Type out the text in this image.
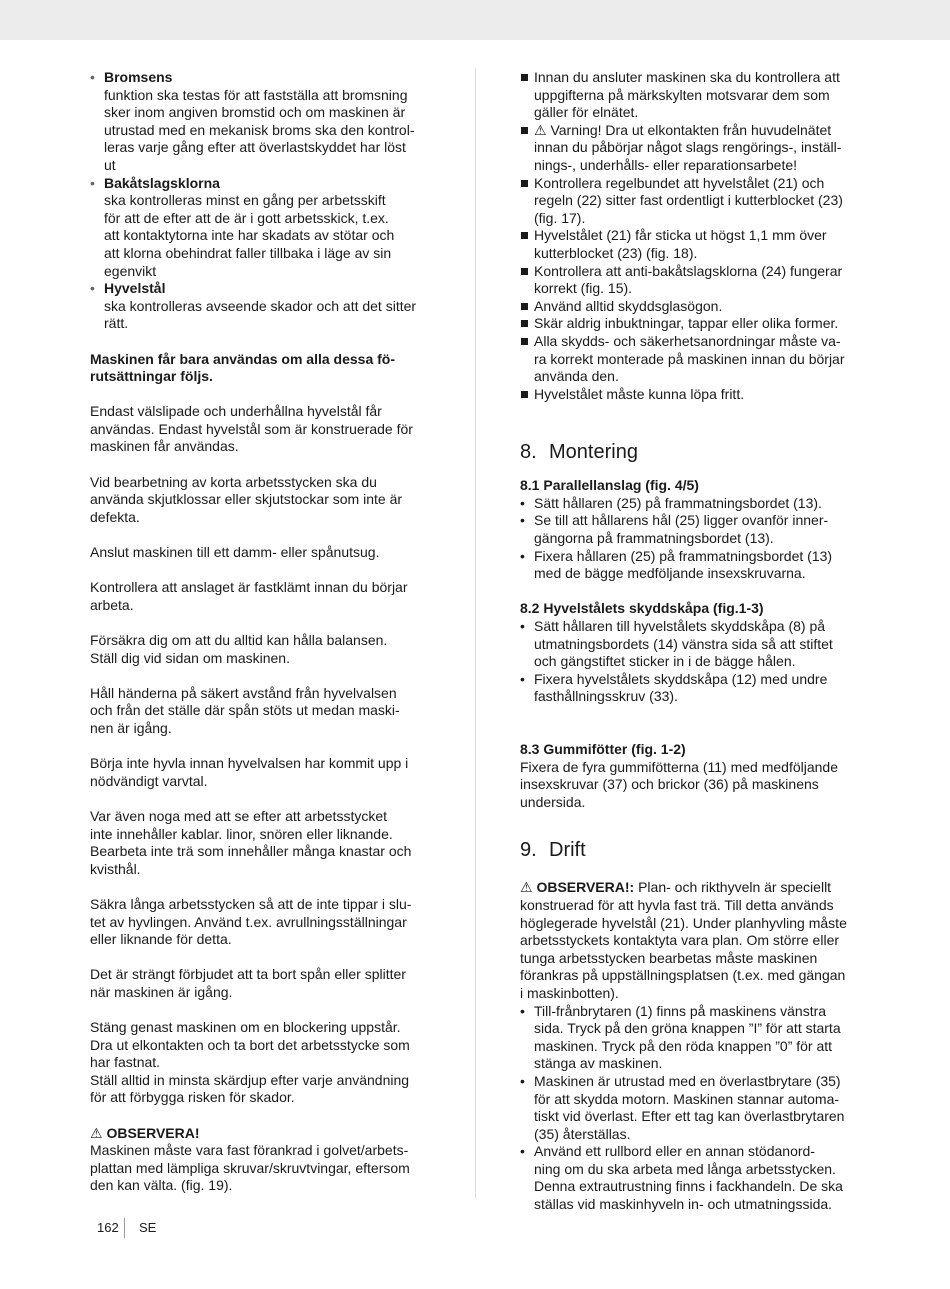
• Bromsens
funktion ska testas för att fastställa att bromsning
sker inom angiven bromstid och om maskinen är
utrustad med en mekanisk broms ska den kontrol-
leras varje gång efter att överlastskyddet har löst
ut
• Bakåtslagsklorna
ska kontrolleras minst en gång per arbetsskift
för att de efter att de är i gott arbetsskick, t.ex.
att kontaktytorna inte har skadats av stötar och
att klorna obehindrat faller tillbaka i läge av sin
egenvikt
• Hyvelstål
ska kontrolleras avseende skador och att det sitter
rätt.
Maskinen får bara användas om alla dessa fö-
rutsättningar följs.
Endast välslipade och underhållna hyvelstål får
användas. Endast hyvelstål som är konstruerade för
maskinen får användas.
Vid bearbetning av korta arbetsstycken ska du
använda skjutklossar eller skjutstockar som inte är
defekta.
Anslut maskinen till ett damm- eller spånutsug.
Kontrollera att anslaget är fastklämt innan du börjar
arbeta.
Försäkra dig om att du alltid kan hålla balansen.
Ställ dig vid sidan om maskinen.
Håll händerna på säkert avstånd från hyvelvalsen
och från det ställe där spån stöts ut medan maski-
nen är igång.
Börja inte hyvla innan hyvelvalsen har kommit upp i
nödvändigt varvtal.
Var även noga med att se efter att arbetsstycket
inte innehåller kablar. linor, snören eller liknande.
Bearbeta inte trä som innehåller många knastar och
kvisthål.
Säkra långa arbetsstycken så att de inte tippar i slu-
tet av hyvlingen. Använd t.ex. avrullningsställningar
eller liknande för detta.
Det är strängt förbjudet att ta bort spån eller splitter
när maskinen är igång.
Stäng genast maskinen om en blockering uppstår.
Dra ut elkontakten och ta bort det arbetsstycke som
har fastnat.
Ställ alltid in minsta skärdjup efter varje användning
för att förbygga risken för skador.
⚠ OBSERVERA!
Maskinen måste vara fast förankrad i golvet/arbets-
plattan med lämpliga skruvar/skruvtvingar, eftersom
den kan välta. (fig. 19).
Innan du ansluter maskinen ska du kontrollera att
uppgifterna på märkskylten motsvarar dem som
gäller för elnätet.
⚠ Varning! Dra ut elkontakten från huvudelnätet
innan du påbörjar något slags rengörings-, inställ-
nings-, underhålls- eller reparationsarbete!
Kontrollera regelbundet att hyvelstålet (21) och
regeln (22) sitter fast ordentligt i kutterblocket (23)
(fig. 17).
Hyvelstålet (21) får sticka ut högst 1,1 mm över
kutterblocket (23) (fig. 18).
Kontrollera att anti-bakåtslagsklorna (24) fungerar
korrekt (fig. 15).
Använd alltid skyddsglasögon.
Skär aldrig inbuktningar, tappar eller olika former.
Alla skydds- och säkerhetsanordningar måste va-
ra korrekt monterade på maskinen innan du börjar
använda den.
Hyvelstålet måste kunna löpa fritt.
8. Montering
8.1 Parallellanslag (fig. 4/5)
• Sätt hållaren (25) på frammatningsbordet (13).
• Se till att hållarens hål (25) ligger ovanför inner-
gängorna på frammatningsbordet (13).
• Fixera hållaren (25) på frammatningsbordet (13)
med de bägge medföljande insexskruvarna.
8.2 Hyvelstålets skyddskåpa (fig.1-3)
• Sätt hållaren till hyvelstålets skyddskåpa (8) på
utmatningsbordets (14) vänstra sida så att stiftet
och gängstiftet sticker in i de bägge hålen.
• Fixera hyvelstålets skyddskåpa (12) med undre
fasthållningsskruv (33).
8.3 Gummifötter (fig. 1-2)
Fixera de fyra gummifötterna (11) med medföljande
insexskruvar (37) och brickor (36) på maskinens
undersida.
9. Drift
⚠ OBSERVERA!: Plan- och rikthyveln är speciellt
konstruerad för att hyvla fast trä. Till detta används
höglegerade hyvelstål (21). Under planhyvling måste
arbetsstyckets kontaktyta vara plan. Om större eller
tunga arbetsstycken bearbetas måste maskinen
förankras på uppställningsplatsen (t.ex. med gängan
i maskinbotten).
• Till-frånbrytaren (1) finns på maskinens vänstra
sida. Tryck på den gröna knappen ”I” för att starta
maskinen. Tryck på den röda knappen ”0” för att
stänga av maskinen.
• Maskinen är utrustad med en överlastbrytare (35)
för att skydda motorn. Maskinen stannar automa-
tiskt vid överlast. Efter ett tag kan överlastbrytaren
(35) återställas.
• Använd ett rullbord eller en annan stödanord-
ning om du ska arbeta med långa arbetsstycken.
Denna extrautrustning finns i fackhandeln. De ska
ställas vid maskinhyveln in- och utmatningssida.
162 SE
